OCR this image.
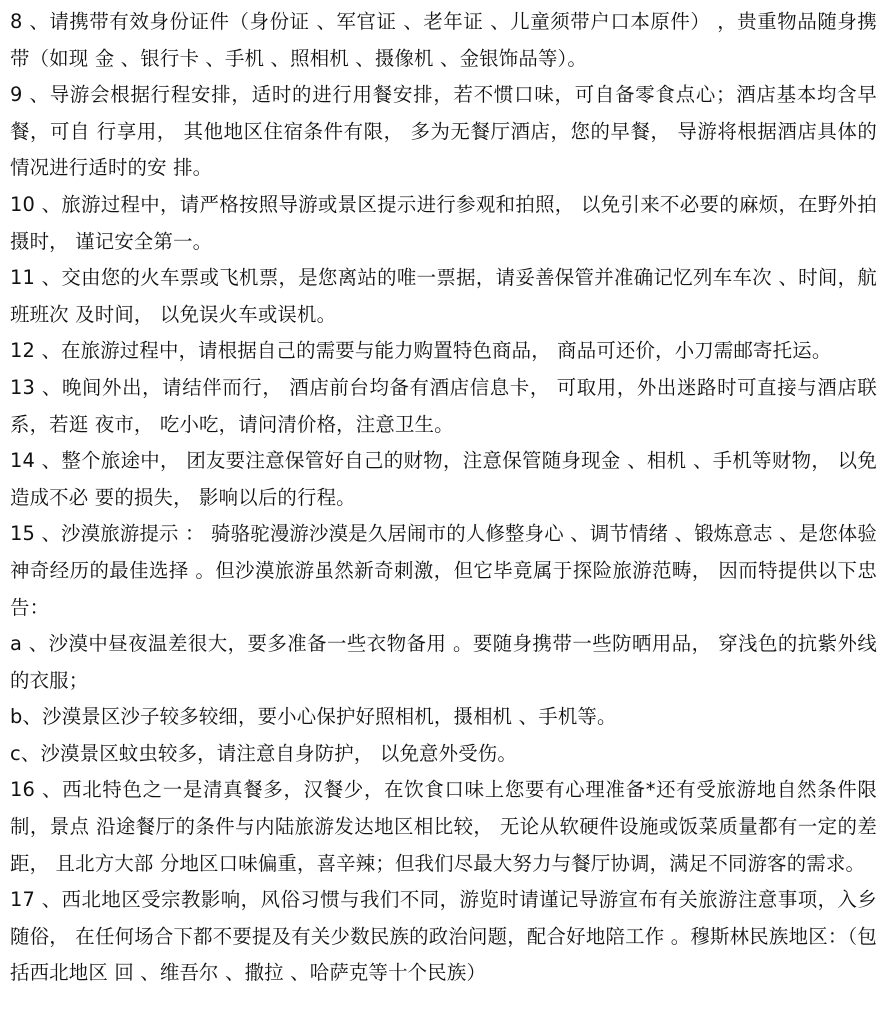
8 、请携带有效身份证件（身份证 、军官证 、老年证 、儿童须带户口本原件） ，贵重物品随身携带（如现 金 、银行卡 、手机 、照相机 、摄像机 、金银饰品等）。

9 、导游会根据行程安排，适时的进行用餐安排，若不惯口味，可自备零食点心；酒店基本均含早餐，可自 行享用， 其他地区住宿条件有限， 多为无餐厅酒店，您的早餐， 导游将根据酒店具体的情况进行适时的安 排。

10 、旅游过程中，请严格按照导游或景区提示进行参观和拍照， 以免引来不必要的麻烦，在野外拍摄时， 谨记安全第一。

11 、交由您的火车票或飞机票，是您离站的唯一票据，请妥善保管并准确记忆列车车次 、时间，航班班次 及时间， 以免误火车或误机。

12 、在旅游过程中，请根据自己的需要与能力购置特色商品， 商品可还价，小刀需邮寄托运。

13 、晚间外出，请结伴而行， 酒店前台均备有酒店信息卡， 可取用，外出迷路时可直接与酒店联系，若逛 夜市， 吃小吃，请问清价格，注意卫生。

14 、整个旅途中， 团友要注意保管好自己的财物，注意保管随身现金 、相机 、手机等财物， 以免造成不必 要的损失， 影响以后的行程。

15 、沙漠旅游提示 ： 骑骆驼漫游沙漠是久居闹市的人修整身心 、调节情绪 、锻炼意志 、是您体验 神奇经历的最佳选择 。但沙漠旅游虽然新奇刺激，但它毕竟属于探险旅游范畴， 因而特提供以下忠告：

a 、沙漠中昼夜温差很大，要多准备一些衣物备用 。要随身携带一些防晒用品， 穿浅色的抗紫外线的衣服；

b、沙漠景区沙子较多较细，要小心保护好照相机，摄相机 、手机等。

c、沙漠景区蚊虫较多，请注意自身防护， 以免意外受伤。

16 、西北特色之一是清真餐多，汉餐少，在饮食口味上您要有心理准备*还有受旅游地自然条件限制，景点 沿途餐厅的条件与内陆旅游发达地区相比较， 无论从软硬件设施或饭菜质量都有一定的差距， 且北方大部 分地区口味偏重，喜辛辣；但我们尽最大努力与餐厅协调，满足不同游客的需求。

17 、西北地区受宗教影响，风俗习惯与我们不同，游览时请谨记导游宣布有关旅游注意事项，入乡随俗， 在任何场合下都不要提及有关少数民族的政治问题，配合好地陪工作 。穆斯林民族地区：（包括西北地区 回 、维吾尔 、撒拉 、哈萨克等十个民族）
